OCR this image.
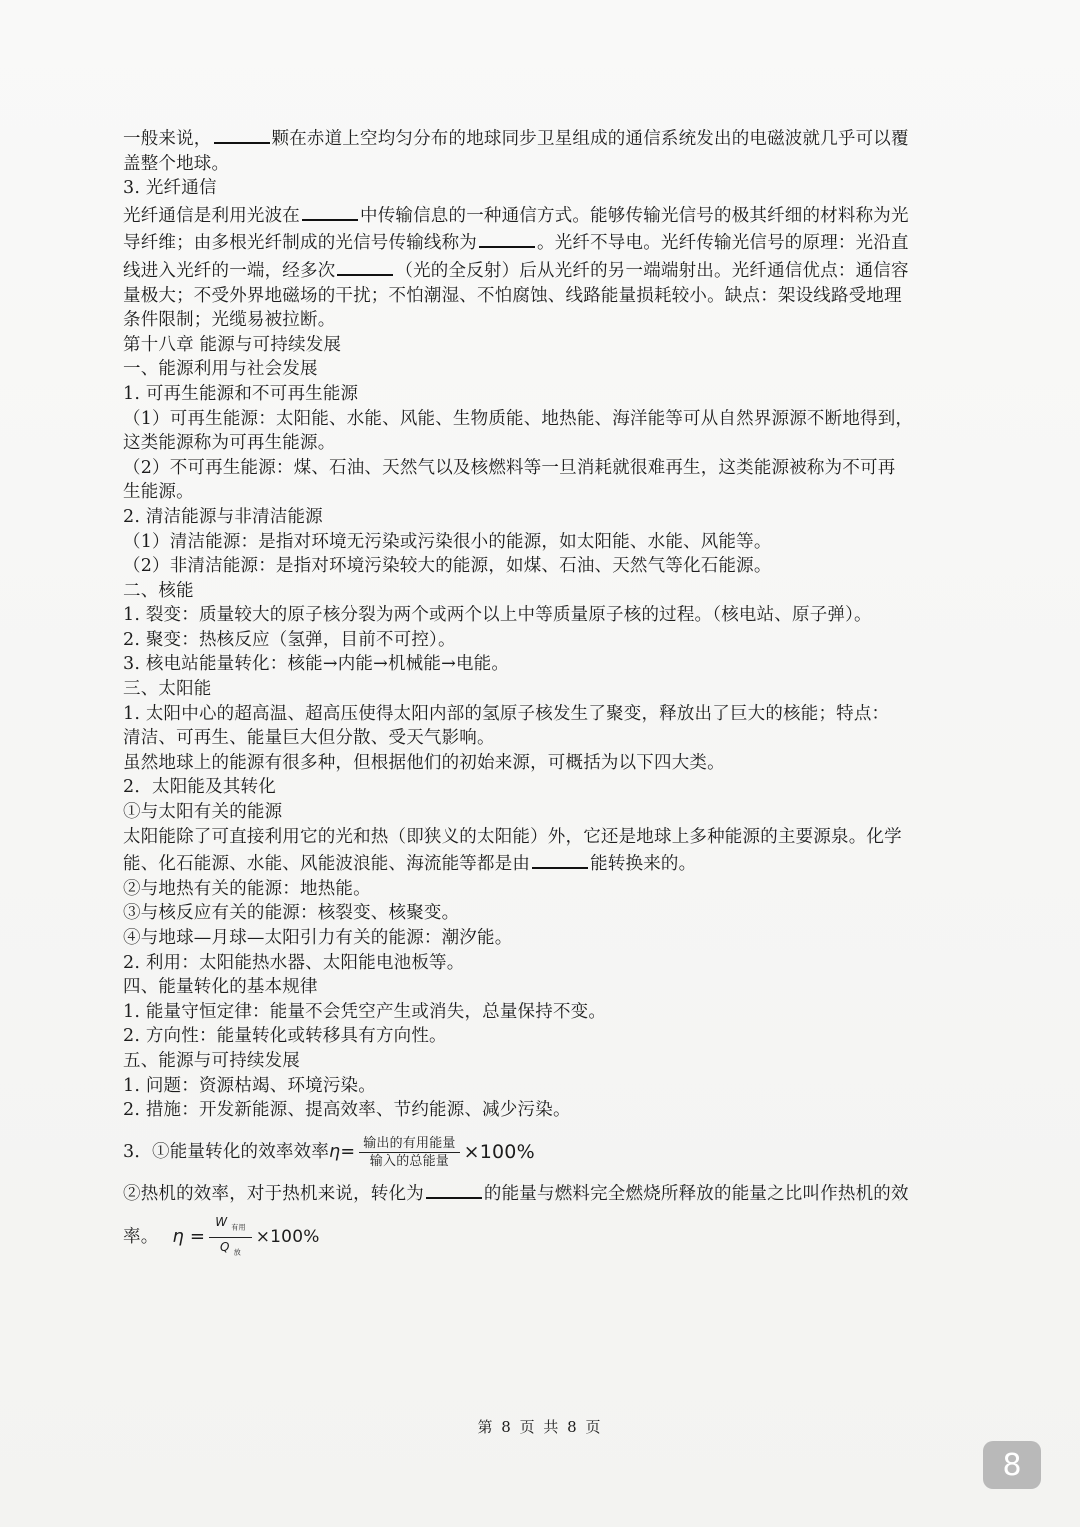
一般来说，	颗在赤道上空均匀分布的地球同步卫星组成的通信系统发出的电磁波就几乎可以覆

盖整个地球。

3. 光纤通信

光纤通信是利用光波在	中传输信息的一种通信方式。能够传输光信号的极其纤细的材料称为光

导纤维；由多根光纤制成的光信号传输线称为	。光纤不导电。光纤传输光信号的原理：光沿直

线进入光纤的一端，经多次	（光的全反射）后从光纤的另一端端射出。光纤通信优点：通信容

量极大；不受外界地磁场的干扰；不怕潮湿、不怕腐蚀、线路能量损耗较小。缺点：架设线路受地理

条件限制；光缆易被拉断。

第十八章 能源与可持续发展

一、能源利用与社会发展

1. 可再生能源和不可再生能源

（1）可再生能源：太阳能、水能、风能、生物质能、地热能、海洋能等可从自然界源源不断地得到，

这类能源称为可再生能源。

（2）不可再生能源：煤、石油、天然气以及核燃料等一旦消耗就很难再生，这类能源被称为不可再

生能源。

2. 清洁能源与非清洁能源

（1）清洁能源：是指对环境无污染或污染很小的能源，如太阳能、水能、风能等。

（2）非清洁能源：是指对环境污染较大的能源，如煤、石油、天然气等化石能源。

二、核能

1. 裂变：质量较大的原子核分裂为两个或两个以上中等质量原子核的过程。（核电站、原子弹）。

2. 聚变：热核反应（氢弹，目前不可控）。

3. 核电站能量转化：核能→内能→机械能→电能。

三、太阳能

1. 太阳中心的超高温、超高压使得太阳内部的氢原子核发生了聚变，释放出了巨大的核能；特点：

清洁、可再生、能量巨大但分散、受天气影响。

虽然地球上的能源有很多种，但根据他们的初始来源，可概括为以下四大类。

2．太阳能及其转化

①与太阳有关的能源

太阳能除了可直接利用它的光和热（即狭义的太阳能）外，它还是地球上多种能源的主要源泉。化学

能、化石能源、水能、风能波浪能、海流能等都是由	能转换来的。

②与地热有关的能源：地热能。

③与核反应有关的能源：核裂变、核聚变。

④与地球—月球—太阳引力有关的能源：潮汐能。

2. 利用：太阳能热水器、太阳能电池板等。

四、能量转化的基本规律

1. 能量守恒定律：能量不会凭空产生或消失，总量保持不变。

2. 方向性：能量转化或转移具有方向性。

五、能源与可持续发展

1. 问题：资源枯竭、环境污染。

2. 措施：开发新能源、提高效率、节约能源、减少污染。

3．①能量转化的效率效率 $\eta= \frac{\text{输出的有用能量}}{\text{输入的总能量}} \times 100\%$

②热机的效率，对于热机来说，转化为	的能量与燃料完全燃烧所释放的能量之比叫作热机的效

率。 $\eta = \frac{W _{有用}}{Q _放} \times 100\%$
第 8 页 共 8 页
8
